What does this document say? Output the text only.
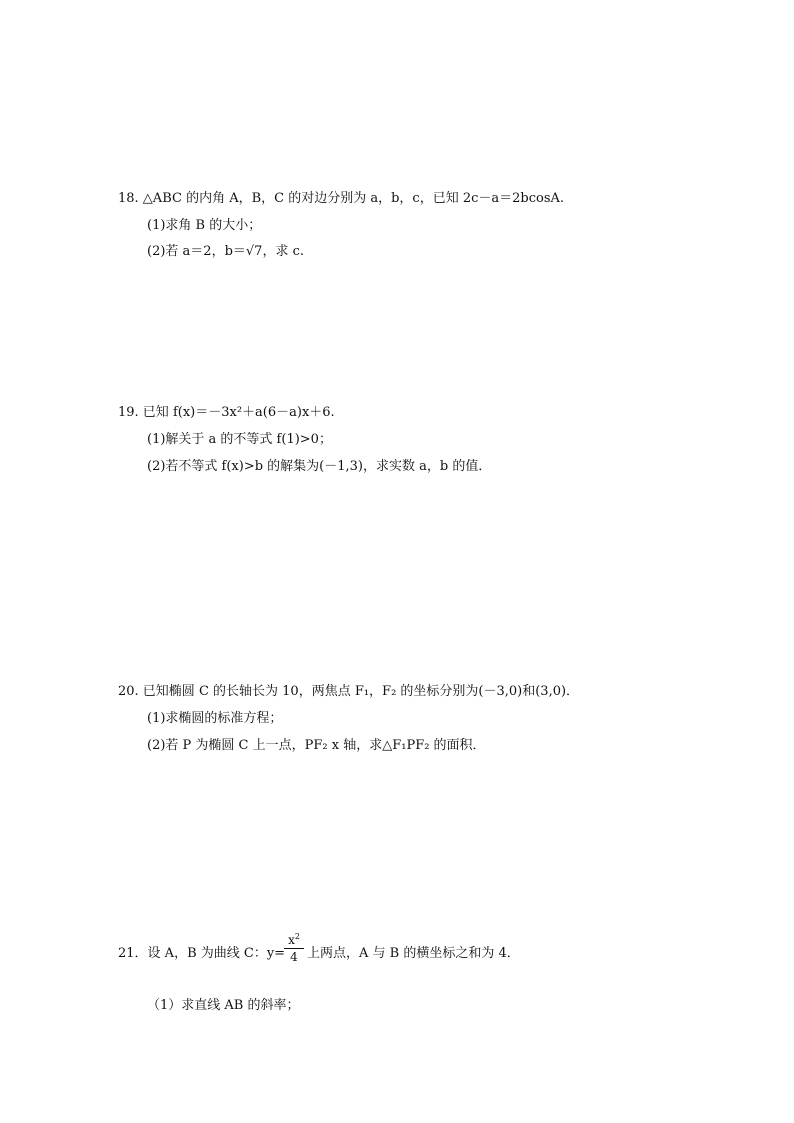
18. △ABC 的内角 A，B，C 的对边分别为 a，b，c，已知 2c－a＝2bcosA.
(1)求角 B 的大小；
(2)若 a＝2，b＝√7，求 c.
19. 已知 f(x)＝－3x²＋a(6－a)x＋6.
(1)解关于 a 的不等式 f(1)>0；
(2)若不等式 f(x)>b 的解集为(－1,3)，求实数 a，b 的值．
20. 已知椭圆 C 的长轴长为 10，两焦点 F₁，F₂ 的坐标分别为(－3,0)和(3,0)．
(1)求椭圆的标准方程；
(2)若 P 为椭圆 C 上一点，PF₂ x 轴，求△F₁PF₂ 的面积．
21．设 A，B 为曲线 C：y=
$x^2$
4 上两点，A 与 B 的横坐标之和为 4．
（1）求直线 AB 的斜率；
